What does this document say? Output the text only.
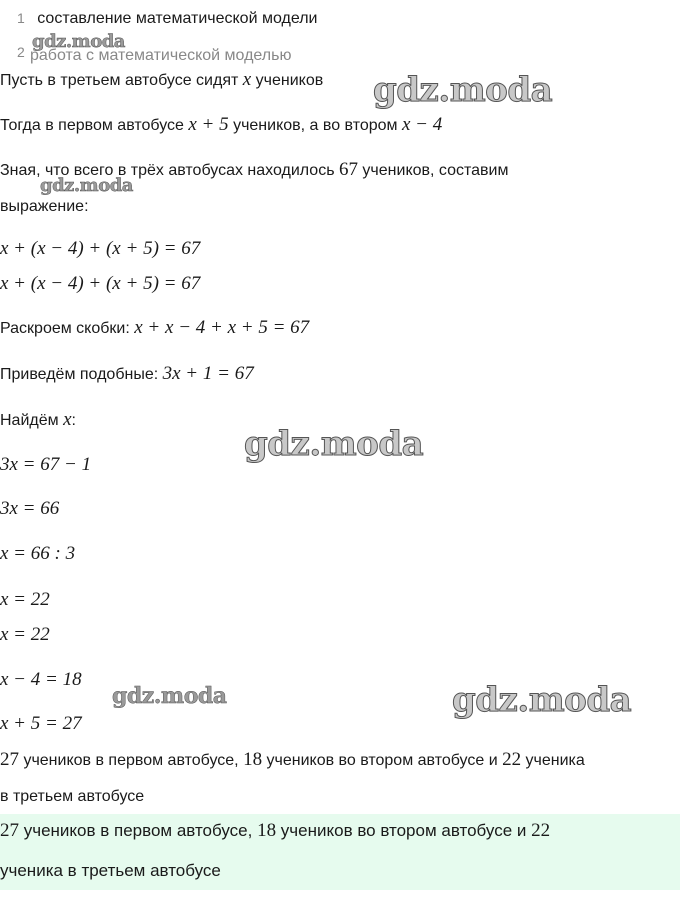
1 составление математической модели
работа с математической моделью
2
Пусть в третьем автобусе сидят x учеников
Тогда в первом автобусе x + 5 учеников, а во втором x − 4
Зная, что всего в трёх автобусах находилось 67 учеников, составим
выражение:
x + (x − 4) + (x + 5) = 67
x + (x − 4) + (x + 5) = 67
Раскроем скобки: x + x − 4 + x + 5 = 67
Приведём подобные: 3x + 1 = 67
Найдём x:
3x = 67 − 1
3x = 66
x = 66 : 3
x = 22
x = 22
x − 4 = 18
x + 5 = 27
27 учеников в первом автобусе, 18 учеников во втором автобусе и 22 ученика
в третьем автобусе
27 учеников в первом автобусе, 18 учеников во втором автобусе и 22
ученика в третьем автобусе
gdz.moda
gdz.moda
gdz.moda
gdz.moda
gdz.moda	gdz.moda
